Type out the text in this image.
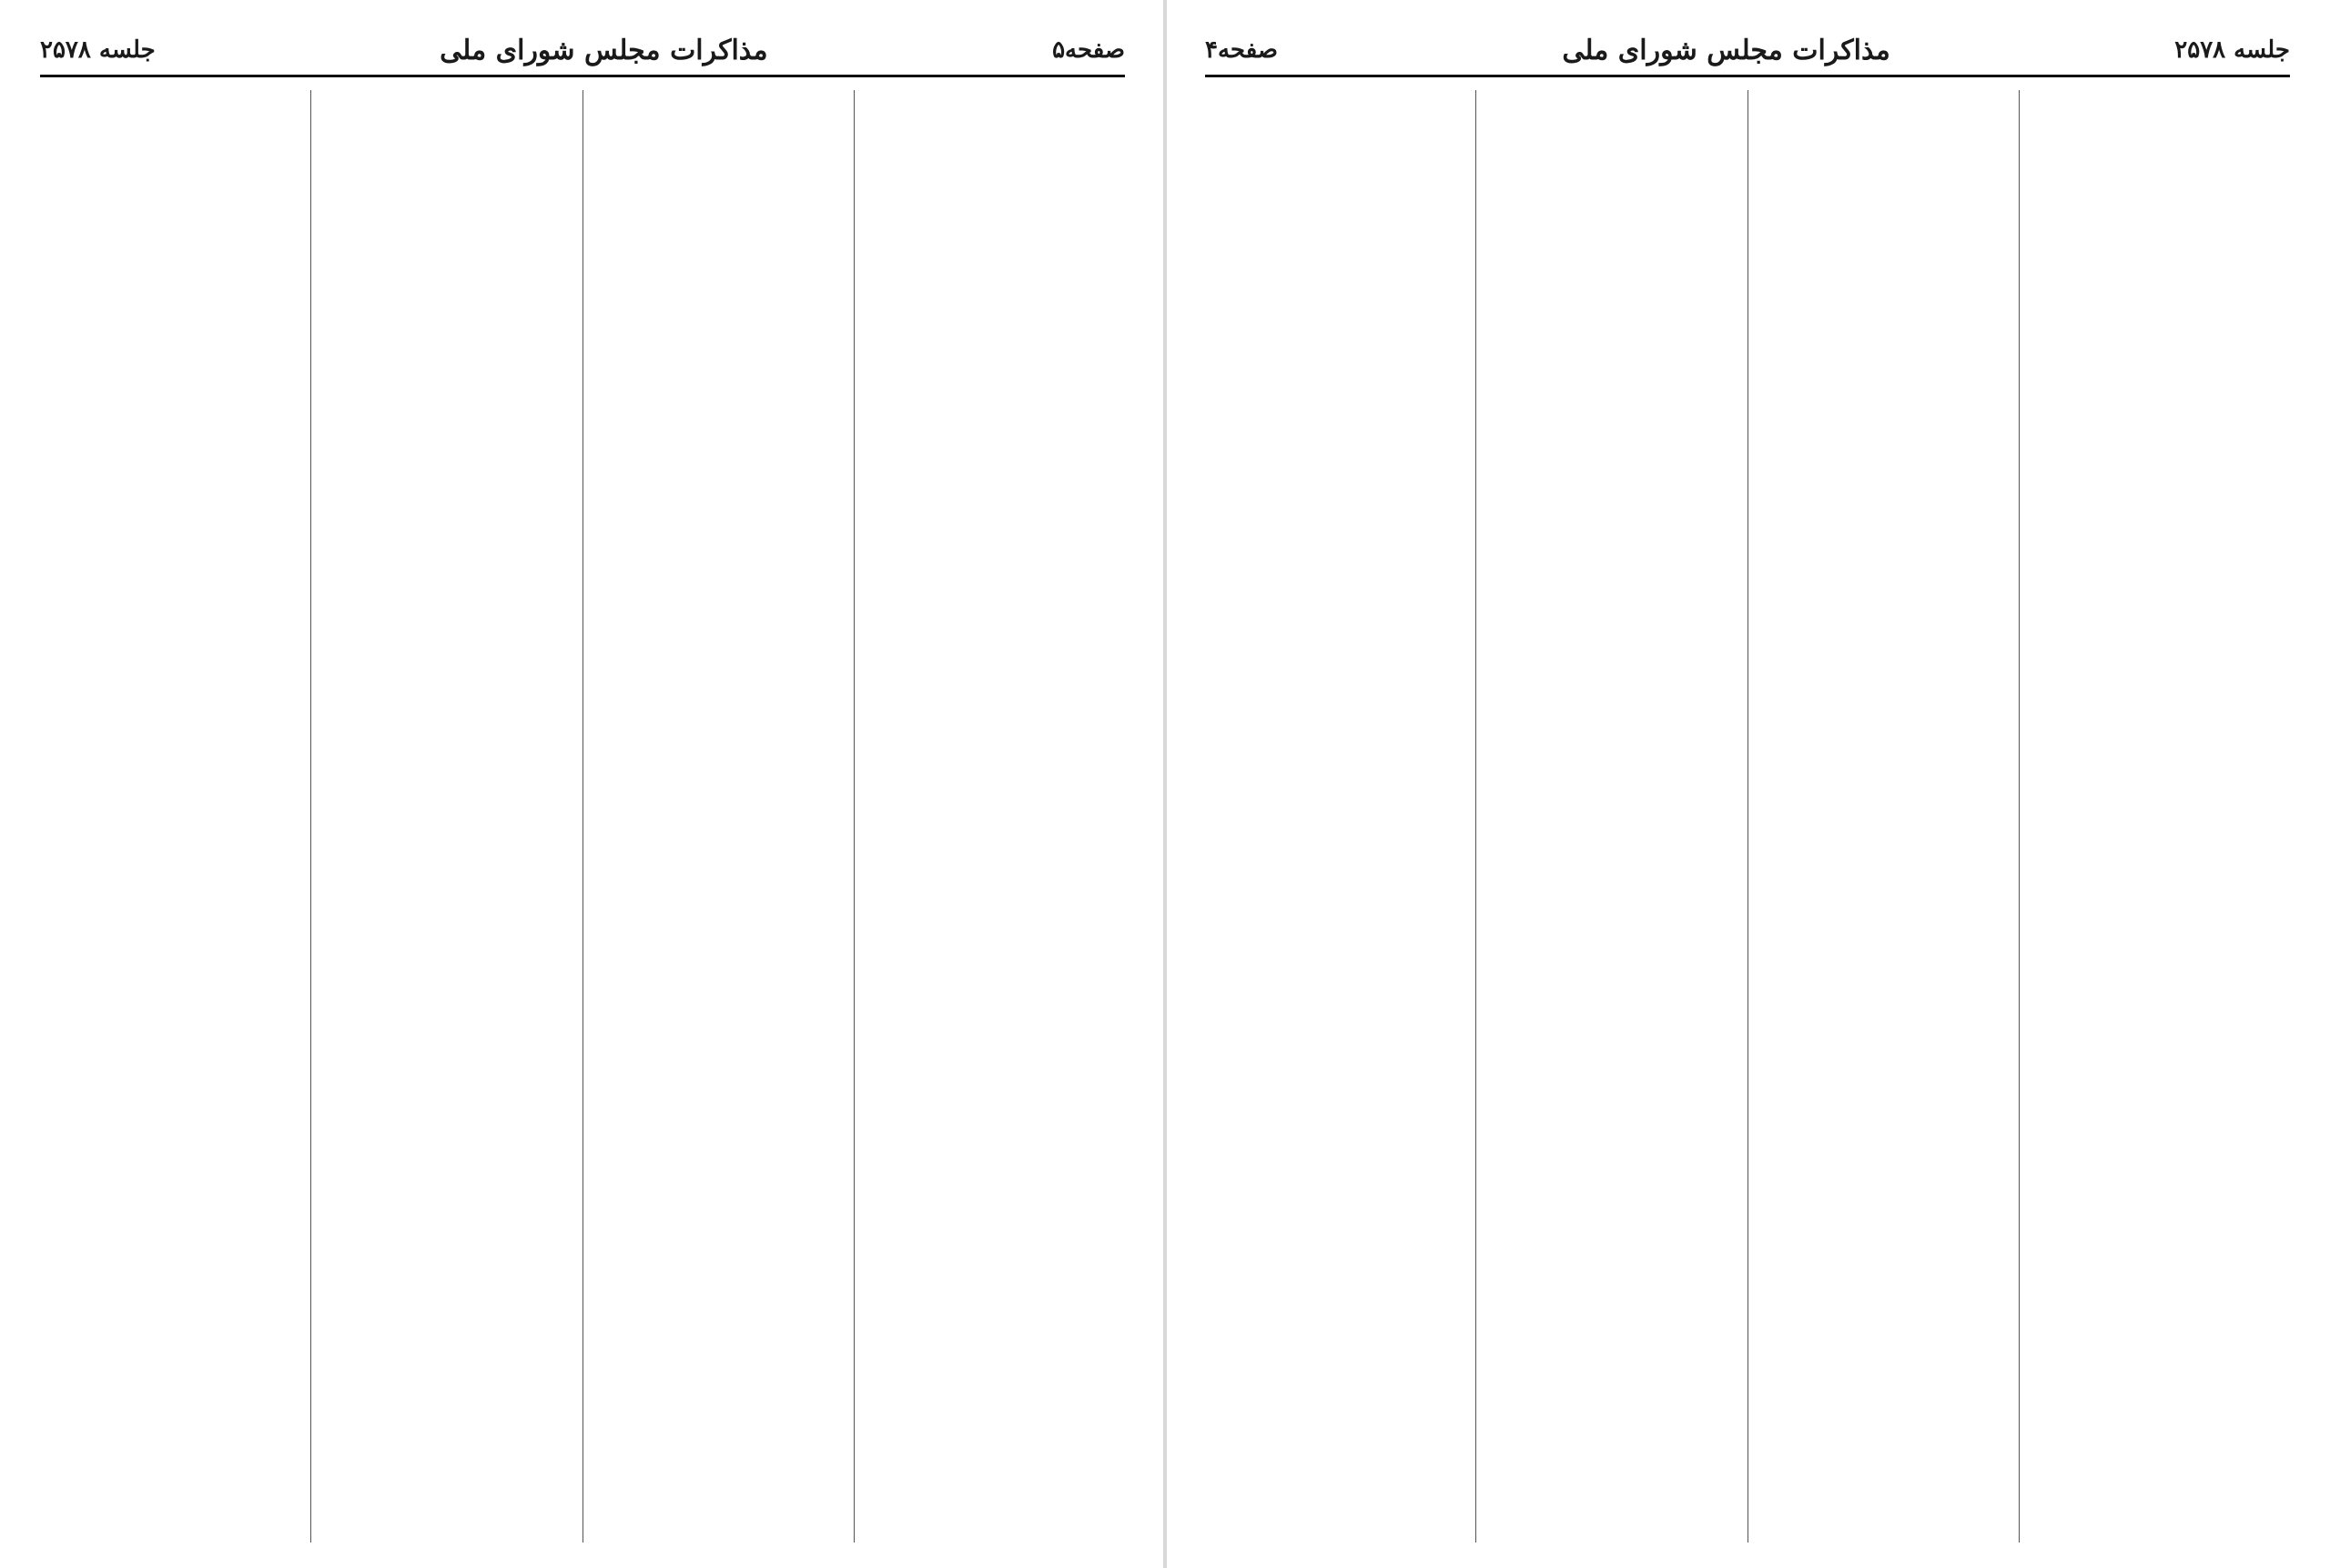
صفحه۵
مذاکرات مجلس شورای ملی
جلسه ۲۵۷۸	جلسه ۲۵۷۸
مذاکرات مجلس شورای ملی
صفحه۴
